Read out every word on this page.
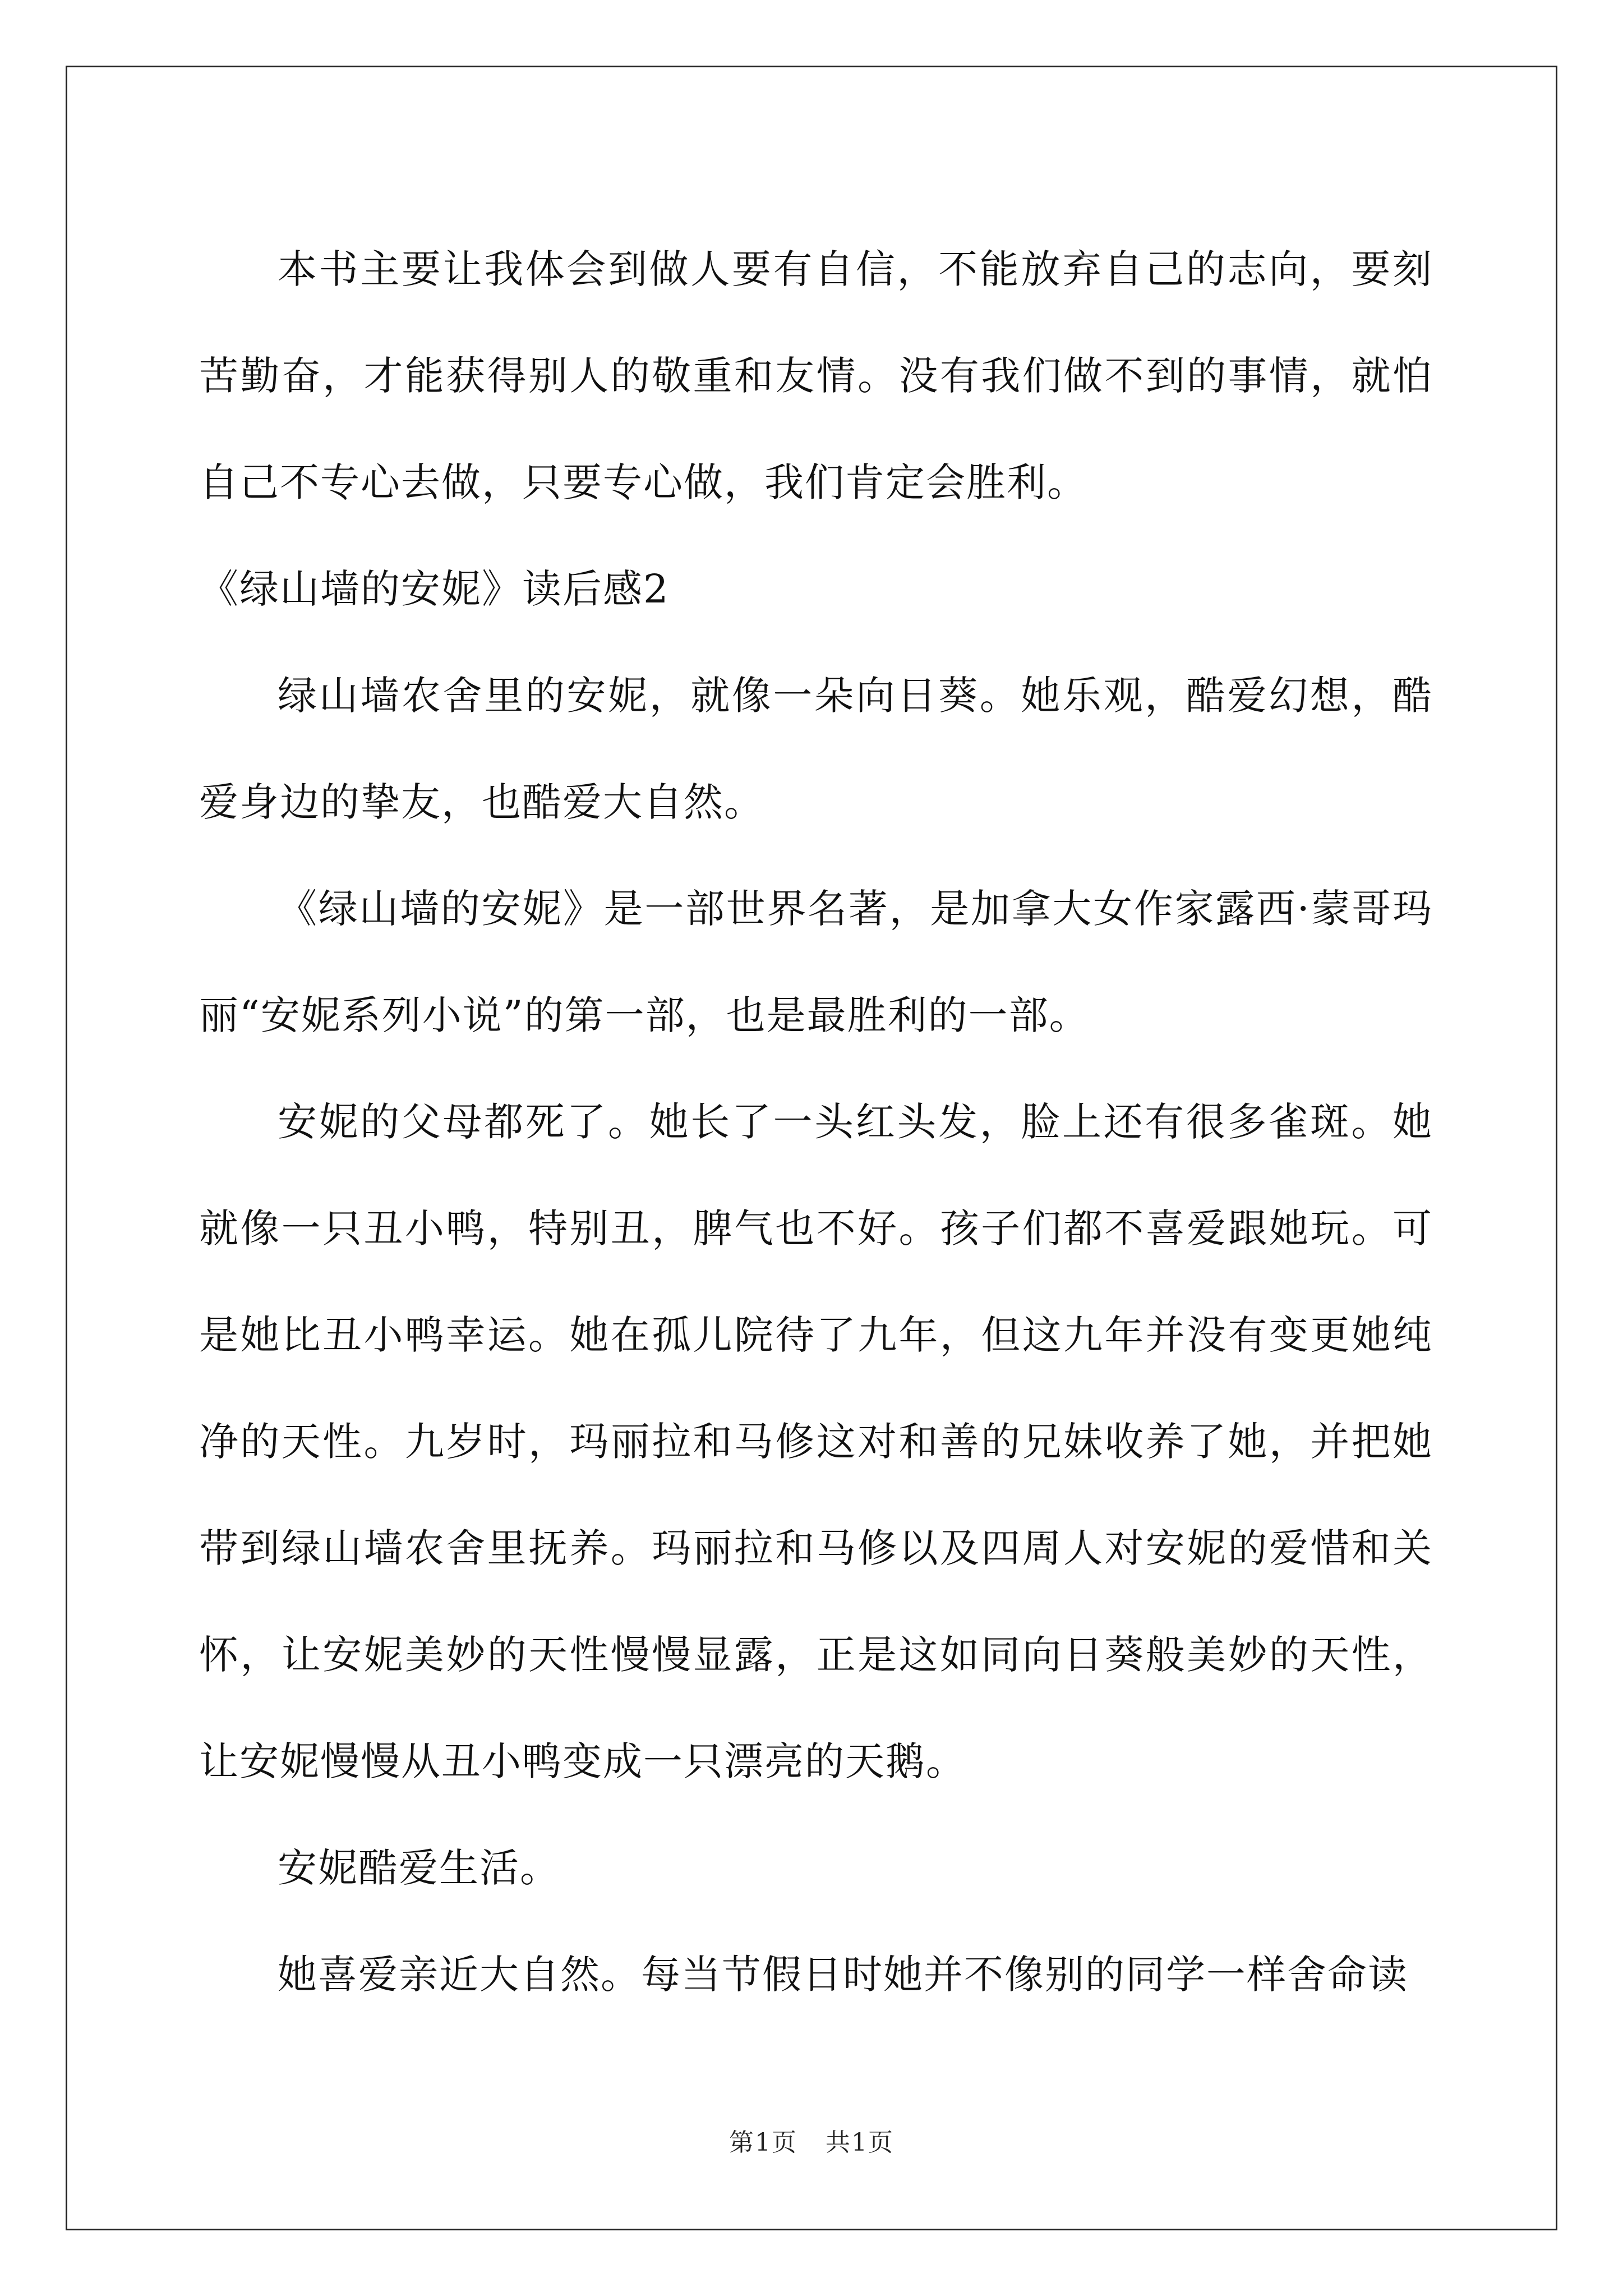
本书主要让我体会到做人要有自信，不能放弃自己的志向，要刻苦勤奋，才能获得别人的敬重和友情。没有我们做不到的事情，就怕自己不专心去做，只要专心做，我们肯定会胜利。

《绿山墙的安妮》读后感2

绿山墙农舍里的安妮，就像一朵向日葵。她乐观，酷爱幻想，酷爱身边的挚友，也酷爱大自然。

《绿山墙的安妮》是一部世界名著，是加拿大女作家露西·蒙哥玛丽“安妮系列小说”的第一部，也是最胜利的一部。

安妮的父母都死了。她长了一头红头发，脸上还有很多雀斑。她就像一只丑小鸭，特别丑，脾气也不好。孩子们都不喜爱跟她玩。可是她比丑小鸭幸运。她在孤儿院待了九年，但这九年并没有变更她纯净的天性。九岁时，玛丽拉和马修这对和善的兄妹收养了她，并把她带到绿山墙农舍里抚养。玛丽拉和马修以及四周人对安妮的爱惜和关怀，让安妮美妙的天性慢慢显露，正是这如同向日葵般美妙的天性，让安妮慢慢从丑小鸭变成一只漂亮的天鹅。

安妮酷爱生活。

她喜爱亲近大自然。每当节假日时她并不像别的同学一样舍命读

第1页 共1页
